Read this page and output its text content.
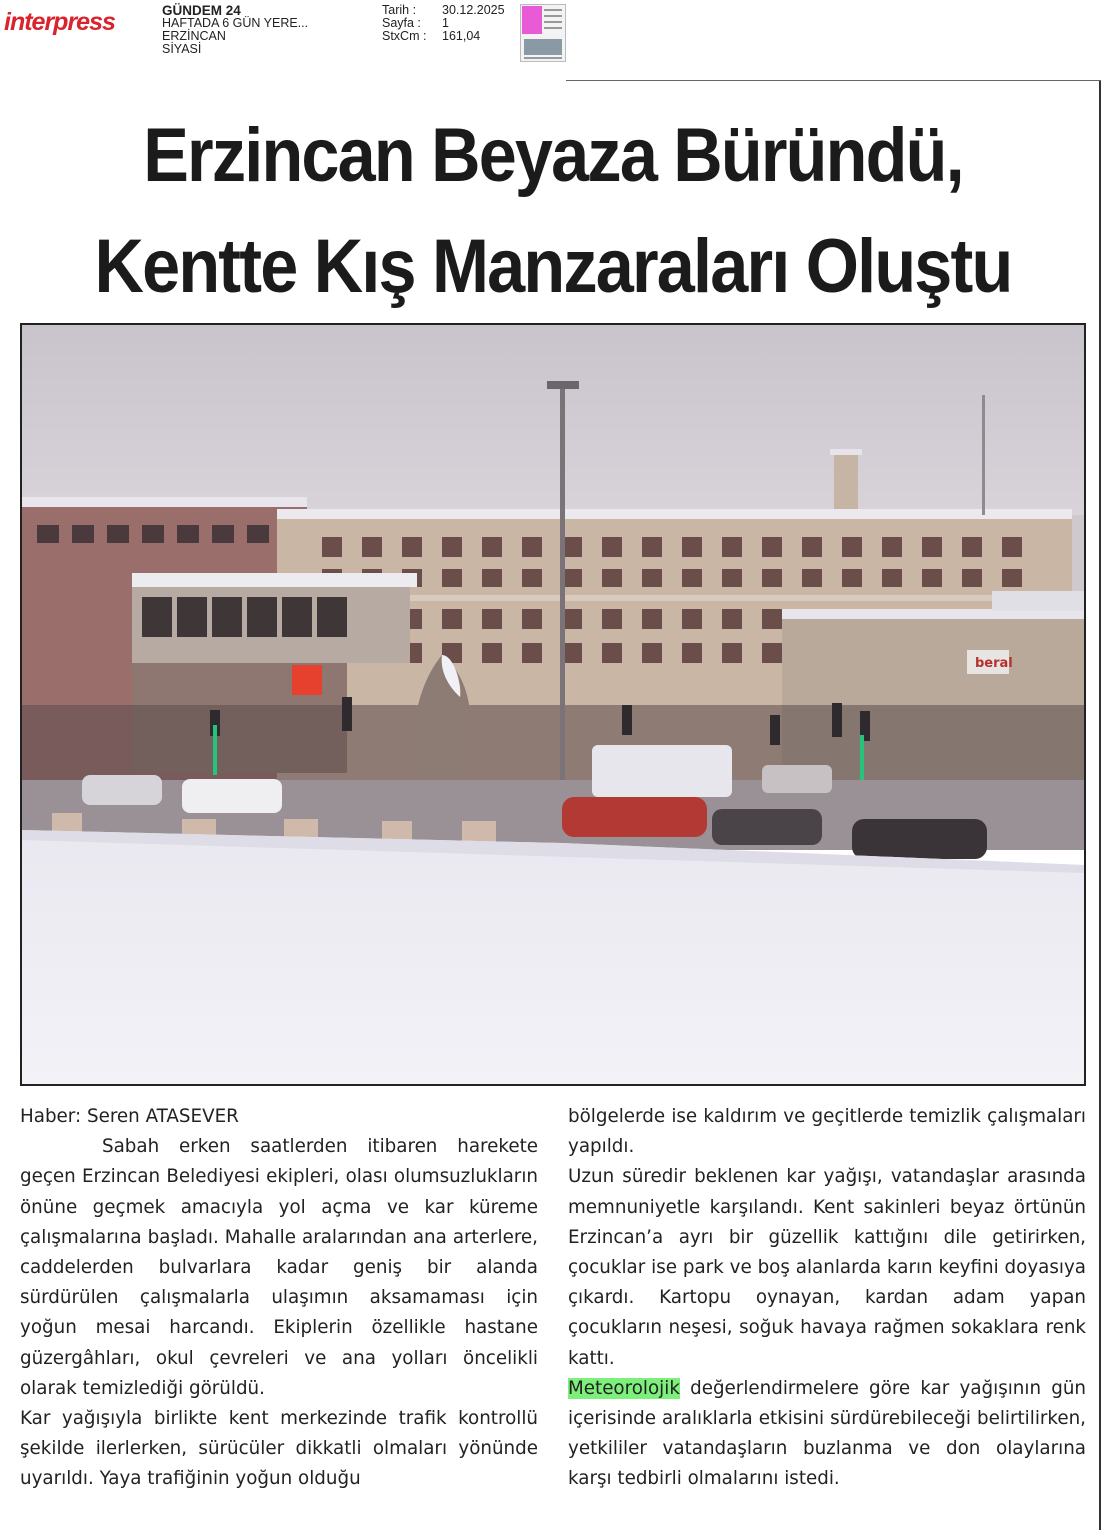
interpress	GÜNDEM 24
HAFTADA 6 GÜN YERE...
ERZİNCAN
SİYASİ
Tarih :	30.12.2025
Sayfa :	1
StxCm :	161,04
Erzincan Beyaza Büründü,
Kentte Kış Manzaraları Oluştu
beral

Haber: Seren ATASEVER

Sabah erken saatlerden itibaren harekete geçen Erzincan Belediyesi ekipleri, olası olumsuzlukların önüne geçmek amacıyla yol açma ve kar küreme çalışmalarına başladı. Mahalle aralarından ana arterlere, caddelerden bulvarlara kadar geniş bir alanda sürdürülen çalışmalarla ulaşımın aksamaması için yoğun mesai harcandı. Ekiplerin özellikle hastane güzergâhları, okul çevreleri ve ana yolları öncelikli olarak temizlediği görüldü.

Kar yağışıyla birlikte kent merkezinde trafik kontrollü şekilde ilerlerken, sürücüler dikkatli olmaları yönünde uyarıldı. Yaya trafiğinin yoğun olduğu

bölgelerde ise kaldırım ve geçitlerde temizlik çalışmaları yapıldı.

Uzun süredir beklenen kar yağışı, vatandaşlar arasında memnuniyetle karşılandı. Kent sakinleri beyaz örtünün Erzincan’a ayrı bir güzellik kattığını dile getirirken, çocuklar ise park ve boş alanlarda karın keyfini doyasıya çıkardı. Kartopu oynayan, kardan adam yapan çocukların neşesi, soğuk havaya rağmen sokaklara renk kattı.

Meteorolojik değerlendirmelere göre kar yağışının gün içerisinde aralıklarla etkisini sürdürebileceği belirtilirken, yetkililer vatandaşların buzlanma ve don olaylarına karşı tedbirli olmalarını istedi.
